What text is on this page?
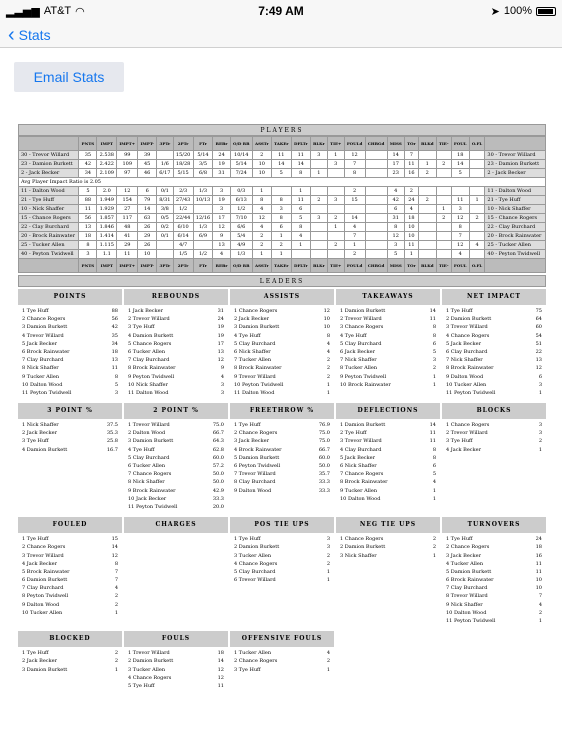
▂▃▅▆ AT&T ◠	7:49 AM	➤ 100%
‹ Stats
Email Stats
PLAYERS
	PNTS	IMPT	IMPT+	IMPT-	3PTr	2PTr	FTr	REBr	O/D RB	ASSTr	TAKEr	DFLTr	BLKr	TIE+	FOULd	CHRGd	MISS	TOr	BLKd	TIE-	FOUL	O.FL	
30 - Trevor Willard	35	2.538	99	39		15/20	5/14	24	10/14	2	11	11	3	1	12		14	7			18		30 - Trevor Willard
23 - Damion Burkett	42	2.422	109	45	1/6	18/28	3/5	19	5/14	10	14	14		3	7		17	11	1	2	14		23 - Damion Burkett
2 - Jack Becker	34	2.109	97	46	6/17	5/15	6/8	31	7/24	10	5	8	1		8		23	16	2		5		2 - Jack Becker
Avg Player Impact Ratio is 2.05																							
11 - Dalton Wood	5	2.0	12	6	0/1	2/3	1/3	3	0/3	1		1			2		4	2					11 - Dalton Wood
21 - Tye Huff	88	1.949	154	79	8/31	27/43	10/13	19	6/13	8	8	11	2	3	15		42	24	2		11	1	21 - Tye Huff
10 - Nick Shaffer	11	1.929	27	14	3/8	1/2		3	1/2	4	3	6					6	4		1	3		10 - Nick Shaffer
15 - Chance Rogers	56	1.857	117	63	0/5	22/44	12/16	17	7/10	12	8	5	3	2	14		31	18		2	12	2	15 - Chance Rogers
22 - Clay Burchard	13	1.846	48	26	0/2	6/10	1/3	12	6/6	4	6	8		1	4		8	10			8		22 - Clay Burchard
20 - Brock Rainwater	18	1.414	41	29	0/1	6/14	6/9	9	5/4	2	1	4			7		12	10			7		20 - Brock Rainwater
25 - Tucker Allen	8	1.115	29	26		4/7		13	4/9	2	2	1		2	1		3	11			12	4	25 - Tucker Allen
40 - Peyton Twidwell	3	1.1	11	10		1/5	1/2	4	1/3	1	1				2		5	1			4		40 - Peyton Twidwell
	PNTS	IMPT	IMPT+	IMPT-	3PTr	2PTr	FTr	REBr	O/D RB	ASSTr	TAKEr	DFLTr	BLKr	TIE+	FOULd	CHRGd	MISS	TOr	BLKd	TIE-	FOUL	O.FL	
LEADERS
POINTS
1 Tye Huff	88
2 Chance Rogers	56
3 Damion Burkett	42
4 Trevor Willard	35
5 Jack Becker	34
6 Brock Rainwater	18
7 Clay Burchard	13
8 Nick Shaffer	11
9 Tucker Allen	8
10 Dalton Wood	5
11 Peyton Twidwell	3
REBOUNDS
1 Jack Becker	31
2 Trevor Willard	24
3 Tye Huff	19
4 Damion Burkett	19
5 Chance Rogers	17
6 Tucker Allen	13
7 Clay Burchard	12
8 Brock Rainwater	9
9 Peyton Twidwell	4
10 Nick Shaffer	3
11 Dalton Wood	3
ASSISTS
1 Chance Rogers	12
2 Jack Becker	10
3 Damion Burkett	10
4 Tye Huff	8
5 Clay Burchard	4
6 Nick Shaffer	4
7 Tucker Allen	2
8 Brock Rainwater	2
9 Trevor Willard	2
10 Peyton Twidwell	1
11 Dalton Wood	1
TAKEAWAYS
1 Damion Burkett	14
2 Trevor Willard	11
3 Chance Rogers	8
4 Tye Huff	8
5 Clay Burchard	6
6 Jack Becker	5
7 Nick Shaffer	3
8 Tucker Allen	2
9 Peyton Twidwell	1
10 Brock Rainwater	1
NET IMPACT
1 Tye Huff	75
2 Damion Burkett	64
3 Trevor Willard	60
4 Chance Rogers	54
5 Jack Becker	51
6 Clay Burchard	22
7 Nick Shaffer	13
8 Brock Rainwater	12
9 Dalton Wood	6
10 Tucker Allen	3
11 Peyton Twidwell	1
3 POINT %
1 Nick Shaffer	37.5
2 Jack Becker	35.3
3 Tye Huff	25.8
4 Damion Burkett	16.7
2 POINT %
1 Trevor Willard	75.0
2 Dalton Wood	66.7
3 Damion Burkett	64.3
4 Tye Huff	62.8
5 Clay Burchard	60.0
6 Tucker Allen	57.2
7 Chance Rogers	50.0
8 Nick Shaffer	50.0
9 Brock Rainwater	42.9
10 Jack Becker	33.3
11 Peyton Twidwell	20.0
FREETHROW %
1 Tye Huff	76.9
2 Chance Rogers	75.0
3 Jack Becker	75.0
4 Brock Rainwater	66.7
5 Damion Burkett	60.0
6 Peyton Twidwell	50.0
7 Trevor Willard	35.7
8 Clay Burchard	33.3
9 Dalton Wood	33.3
DEFLECTIONS
1 Damion Burkett	14
2 Tye Huff	11
3 Trevor Willard	11
4 Clay Burchard	8
5 Jack Becker	8
6 Nick Shaffer	6
7 Chance Rogers	5
8 Brock Rainwater	4
9 Tucker Allen	1
10 Dalton Wood	1
BLOCKS
1 Chance Rogers	3
2 Trevor Willard	3
3 Tye Huff	2
4 Jack Becker	1
FOULED
1 Tye Huff	15
2 Chance Rogers	14
3 Trevor Willard	12
4 Jack Becker	8
5 Brock Rainwater	7
6 Damion Burkett	7
7 Clay Burchard	4
8 Peyton Twidwell	2
9 Dalton Wood	2
10 Tucker Allen	1
CHARGES	POS TIE UPS
1 Tye Huff	3
2 Damion Burkett	3
3 Tucker Allen	2
4 Chance Rogers	2
5 Clay Burchard	1
6 Trevor Willard	1
NEG TIE UPS
1 Chance Rogers	2
2 Damion Burkett	2
3 Nick Shaffer	1
TURNOVERS
1 Tye Huff	24
2 Chance Rogers	18
3 Jack Becker	16
4 Tucker Allen	11
5 Damion Burkett	11
6 Brock Rainwater	10
7 Clay Burchard	10
8 Trevor Willard	7
9 Nick Shaffer	4
10 Dalton Wood	2
11 Peyton Twidwell	1
BLOCKED
1 Tye Huff	2
2 Jack Becker	2
3 Damion Burkett	1
FOULS
1 Trevor Willard	18
2 Damion Burkett	14
3 Tucker Allen	12
4 Chance Rogers	12
5 Tye Huff	11
OFFENSIVE FOULS
1 Tucker Allen	4
2 Chance Rogers	2
3 Tye Huff	1
